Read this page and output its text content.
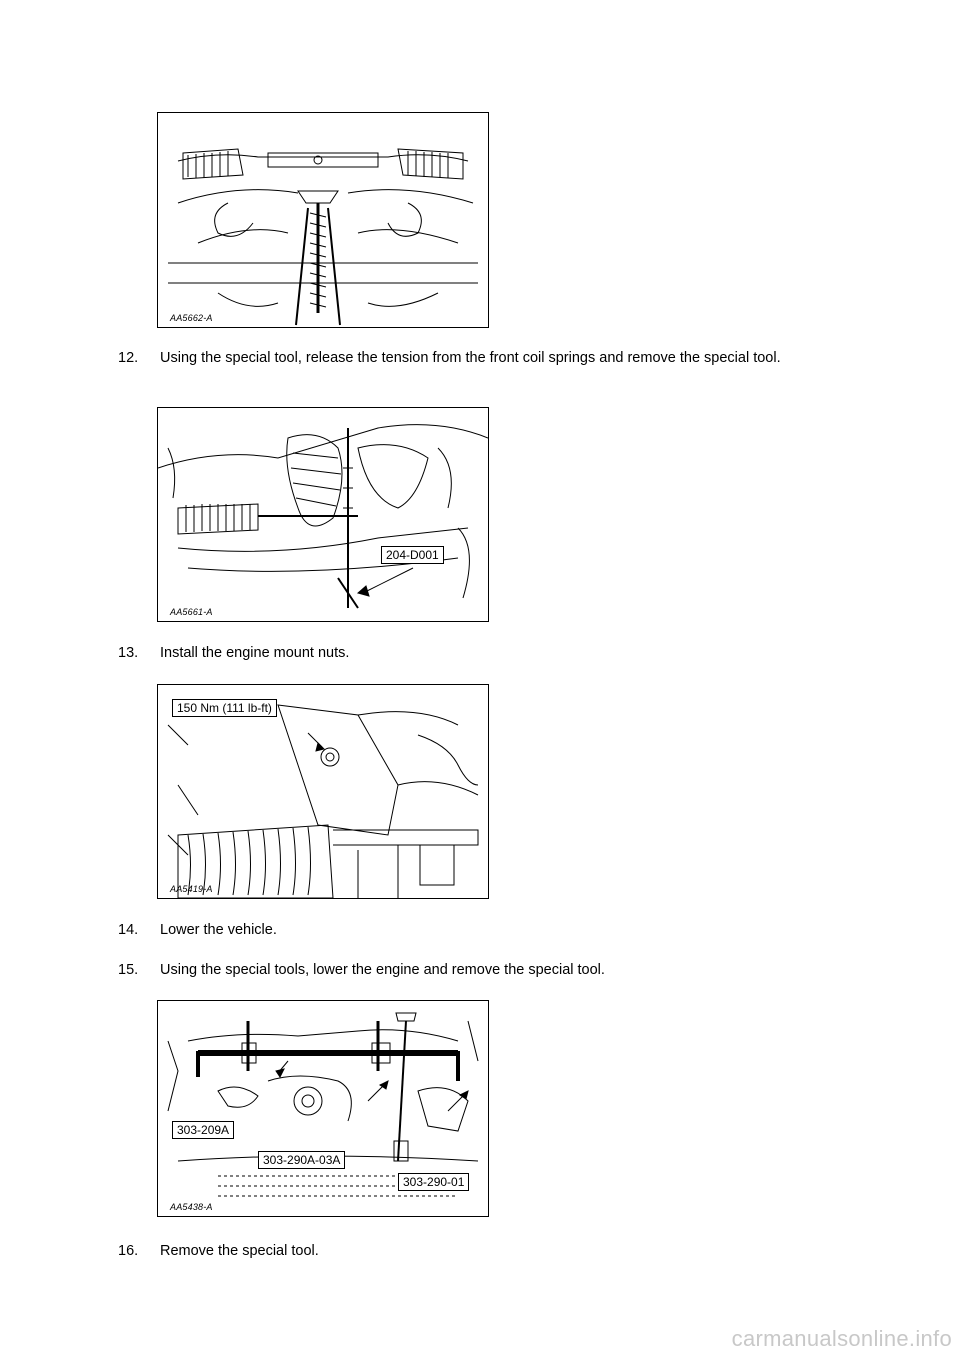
AA5662-A
12. Using the special tool, release the tension from the front coil springs and remove the special tool.
204-D001
AA5661-A
13. Install the engine mount nuts.
150 Nm (111 lb-ft)
AA5419-A
14. Lower the vehicle.
15. Using the special tools, lower the engine and remove the special tool.
303-209A
303-290A-03A
303-290-01
AA5438-A
16. Remove the special tool.
carmanualsonline.info
